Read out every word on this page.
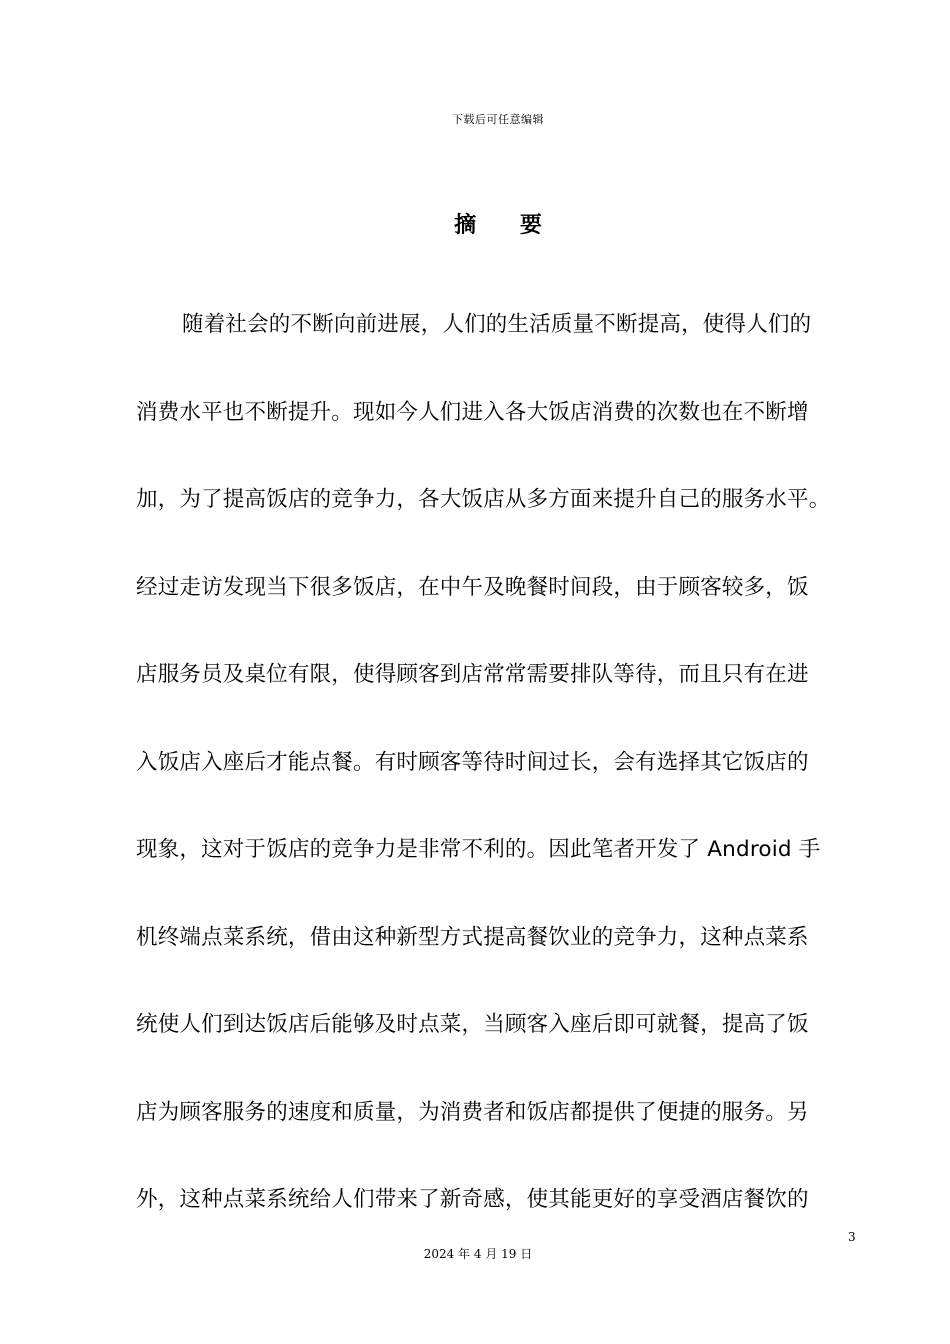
下载后可任意编辑

摘 要
随着社会的不断向前进展，人们的生活质量不断提高，使得人们的
消费水平也不断提升。现如今人们进入各大饭店消费的次数也在不断增
加，为了提高饭店的竞争力，各大饭店从多方面来提升自己的服务水平。
经过走访发现当下很多饭店，在中午及晚餐时间段，由于顾客较多，饭
店服务员及桌位有限，使得顾客到店常常需要排队等待，而且只有在进
入饭店入座后才能点餐。有时顾客等待时间过长，会有选择其它饭店的
现象，这对于饭店的竞争力是非常不利的。因此笔者开发了 Android 手
机终端点菜系统，借由这种新型方式提高餐饮业的竞争力，这种点菜系
统使人们到达饭店后能够及时点菜，当顾客入座后即可就餐，提高了饭
店为顾客服务的速度和质量，为消费者和饭店都提供了便捷的服务。另
外，这种点菜系统给人们带来了新奇感，使其能更好的享受酒店餐饮的

3

2024 年 4 月 19 日
